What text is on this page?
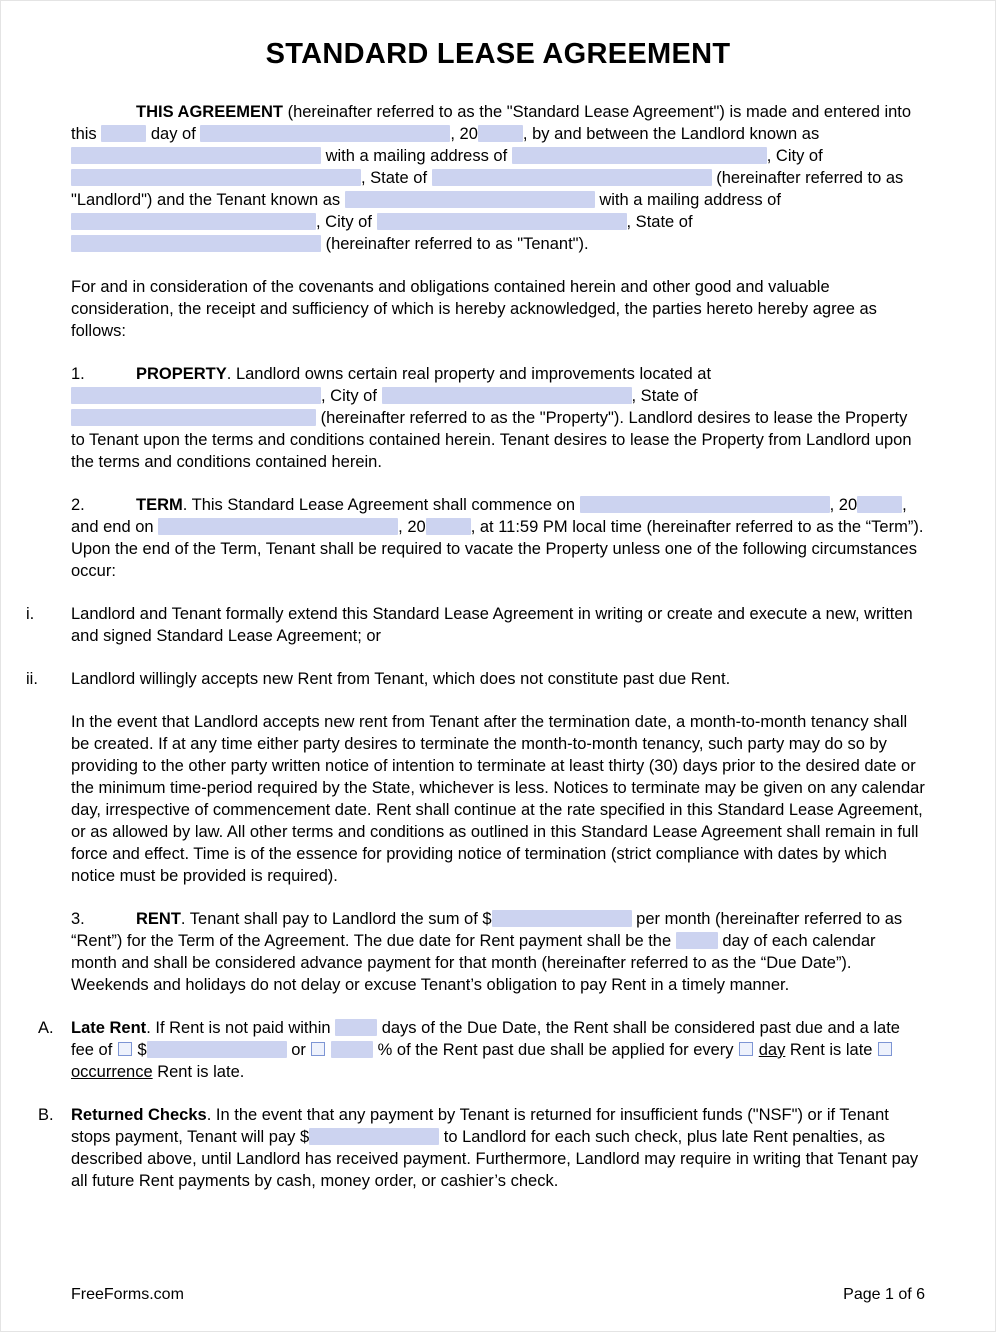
STANDARD LEASE AGREEMENT

THIS AGREEMENT (hereinafter referred to as the "Standard Lease Agreement") is made and entered into this	day of	, 20	, by and between the Landlord known as  with a mailing address of	, City of , State of	(hereinafter referred to as "Landlord") and the Tenant known as	with a mailing address of , City of	, State of  (hereinafter referred to as "Tenant").

For and in consideration of the covenants and obligations contained herein and other good and valuable consideration, the receipt and sufficiency of which is hereby acknowledged, the parties hereto hereby agree as follows:

1.	PROPERTY. Landlord owns certain real property and improvements located at , City of	, State of  (hereinafter referred to as the "Property"). Landlord desires to lease the Property to Tenant upon the terms and conditions contained herein. Tenant desires to lease the Property from Landlord upon the terms and conditions contained herein.

2.	TERM. This Standard Lease Agreement shall commence on	, 20	, and end on	, 20	, at 11:59 PM local time (hereinafter referred to as the “Term”). Upon the end of the Term, Tenant shall be required to vacate the Property unless one of the following circumstances occur:

i. Landlord and Tenant formally extend this Standard Lease Agreement in writing or create and execute a new, written and signed Standard Lease Agreement; or

ii. Landlord willingly accepts new Rent from Tenant, which does not constitute past due Rent.

In the event that Landlord accepts new rent from Tenant after the termination date, a month-to-month tenancy shall be created. If at any time either party desires to terminate the month-to-month tenancy, such party may do so by providing to the other party written notice of intention to terminate at least thirty (30) days prior to the desired date or the minimum time-period required by the State, whichever is less. Notices to terminate may be given on any calendar day, irrespective of commencement date. Rent shall continue at the rate specified in this Standard Lease Agreement, or as allowed by law. All other terms and conditions as outlined in this Standard Lease Agreement shall remain in full force and effect. Time is of the essence for providing notice of termination (strict compliance with dates by which notice must be provided is required).

3.	RENT. Tenant shall pay to Landlord the sum of $	per month (hereinafter referred to as “Rent”) for the Term of the Agreement. The due date for Rent payment shall be the	day of each calendar month and shall be considered advance payment for that month (hereinafter referred to as the “Due Date”). Weekends and holidays do not delay or excuse Tenant’s obligation to pay Rent in a timely manner.

A. Late Rent. If Rent is not paid within	days of the Due Date, the Rent shall be considered past due and a late fee of  $	or	% of the Rent past due shall be applied for every  day Rent is late  occurrence Rent is late.

B. Returned Checks. In the event that any payment by Tenant is returned for insufficient funds ("NSF") or if Tenant stops payment, Tenant will pay $	to Landlord for each such check, plus late Rent penalties, as described above, until Landlord has received payment. Furthermore, Landlord may require in writing that Tenant pay all future Rent payments by cash, money order, or cashier’s check.

FreeForms.com	Page 1 of 6
